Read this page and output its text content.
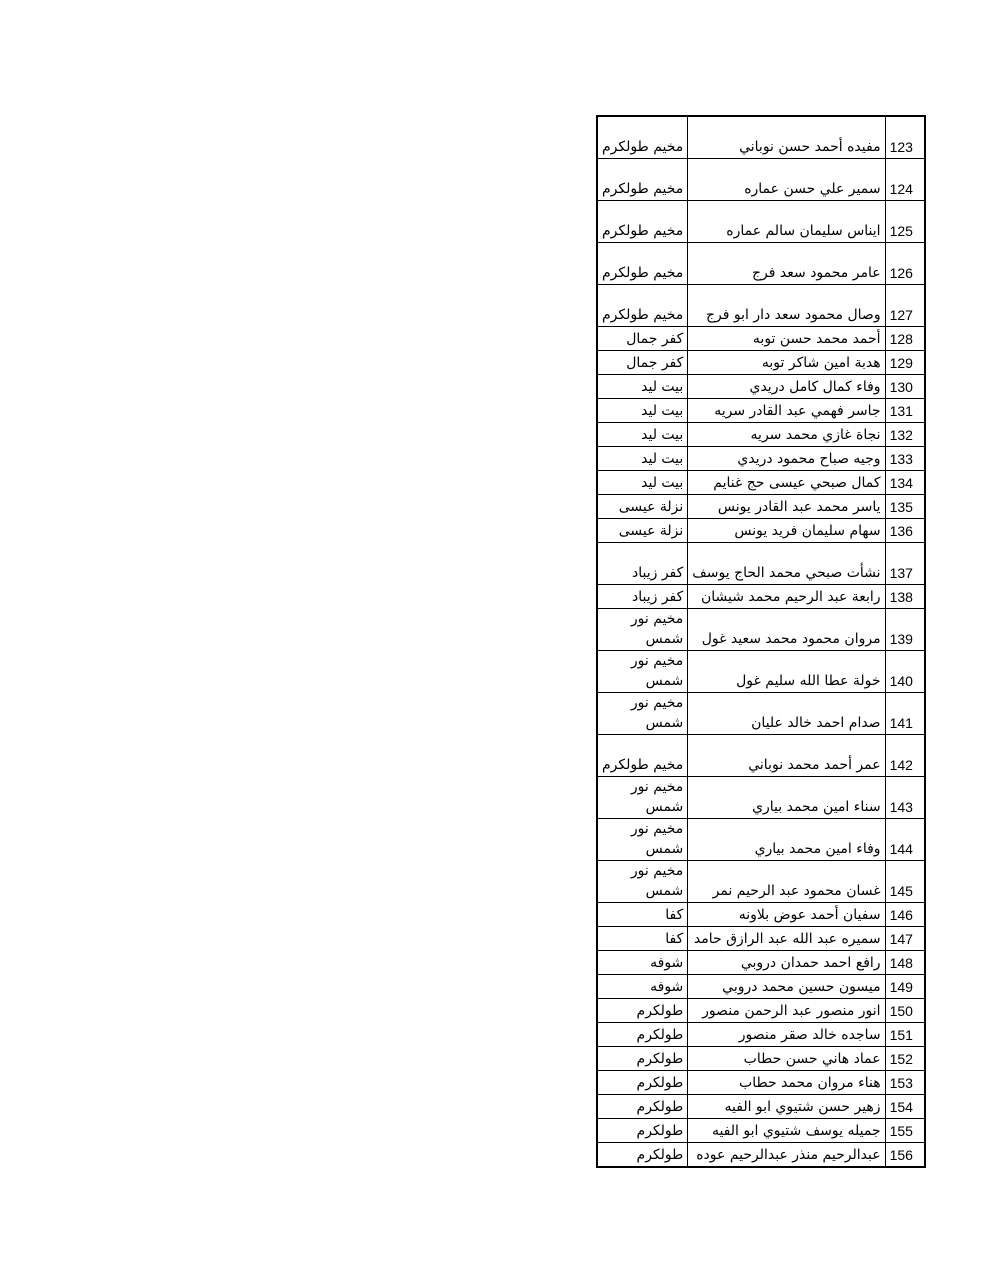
123	مفيده أحمد حسن نوباني	مخيم طولكرم
124	سمير علي حسن عماره	مخيم طولكرم
125	ايناس سليمان سالم عماره	مخيم طولكرم
126	عامر محمود سعد فرج	مخيم طولكرم
127	وصال محمود سعد دار ابو فرج	مخيم طولكرم
128	أحمد محمد حسن توبه	كفر جمال
129	هدبة امين شاكر توبه	كفر جمال
130	وفاء كمال كامل دريدي	بيت ليد
131	جاسر فهمي عبد القادر سريه	بيت ليد
132	نجاة غازي محمد سريه	بيت ليد
133	وجيه صباح محمود دريدي	بيت ليد
134	كمال صبحي عيسى حج غنايم	بيت ليد
135	ياسر محمد عبد القادر يونس	نزلة عيسى
136	سهام سليمان فريد يونس	نزلة عيسى
137	نشأت صبحي محمد الحاج يوسف	كفر زيباد
138	رابعة عبد الرحيم محمد شيشان	كفر زيباد
139	مروان محمود محمد سعيد غول	مخيم نور شمس
140	خولة عطا الله سليم غول	مخيم نور شمس
141	صدام احمد خالد عليان	مخيم نور شمس
142	عمر أحمد محمد نوباني	مخيم طولكرم
143	سناء امين محمد بياري	مخيم نور شمس
144	وفاء امين محمد بياري	مخيم نور شمس
145	غسان محمود عبد الرحيم نمر	مخيم نور شمس
146	سفيان أحمد عوض بلاونه	كفا
147	سميره عبد الله عبد الرازق حامد	كفا
148	رافع احمد حمدان دروبي	شوفه
149	ميسون حسين محمد دروبي	شوفه
150	انور منصور عبد الرحمن منصور	طولكرم
151	ساجده خالد صقر منصور	طولكرم
152	عماد هاني حسن حطاب	طولكرم
153	هناء مروان محمد حطاب	طولكرم
154	زهير حسن شتيوي ابو الفيه	طولكرم
155	جميله يوسف شتيوي ابو الفيه	طولكرم
156	عبدالرحيم منذر عبدالرحيم عوده	طولكرم
